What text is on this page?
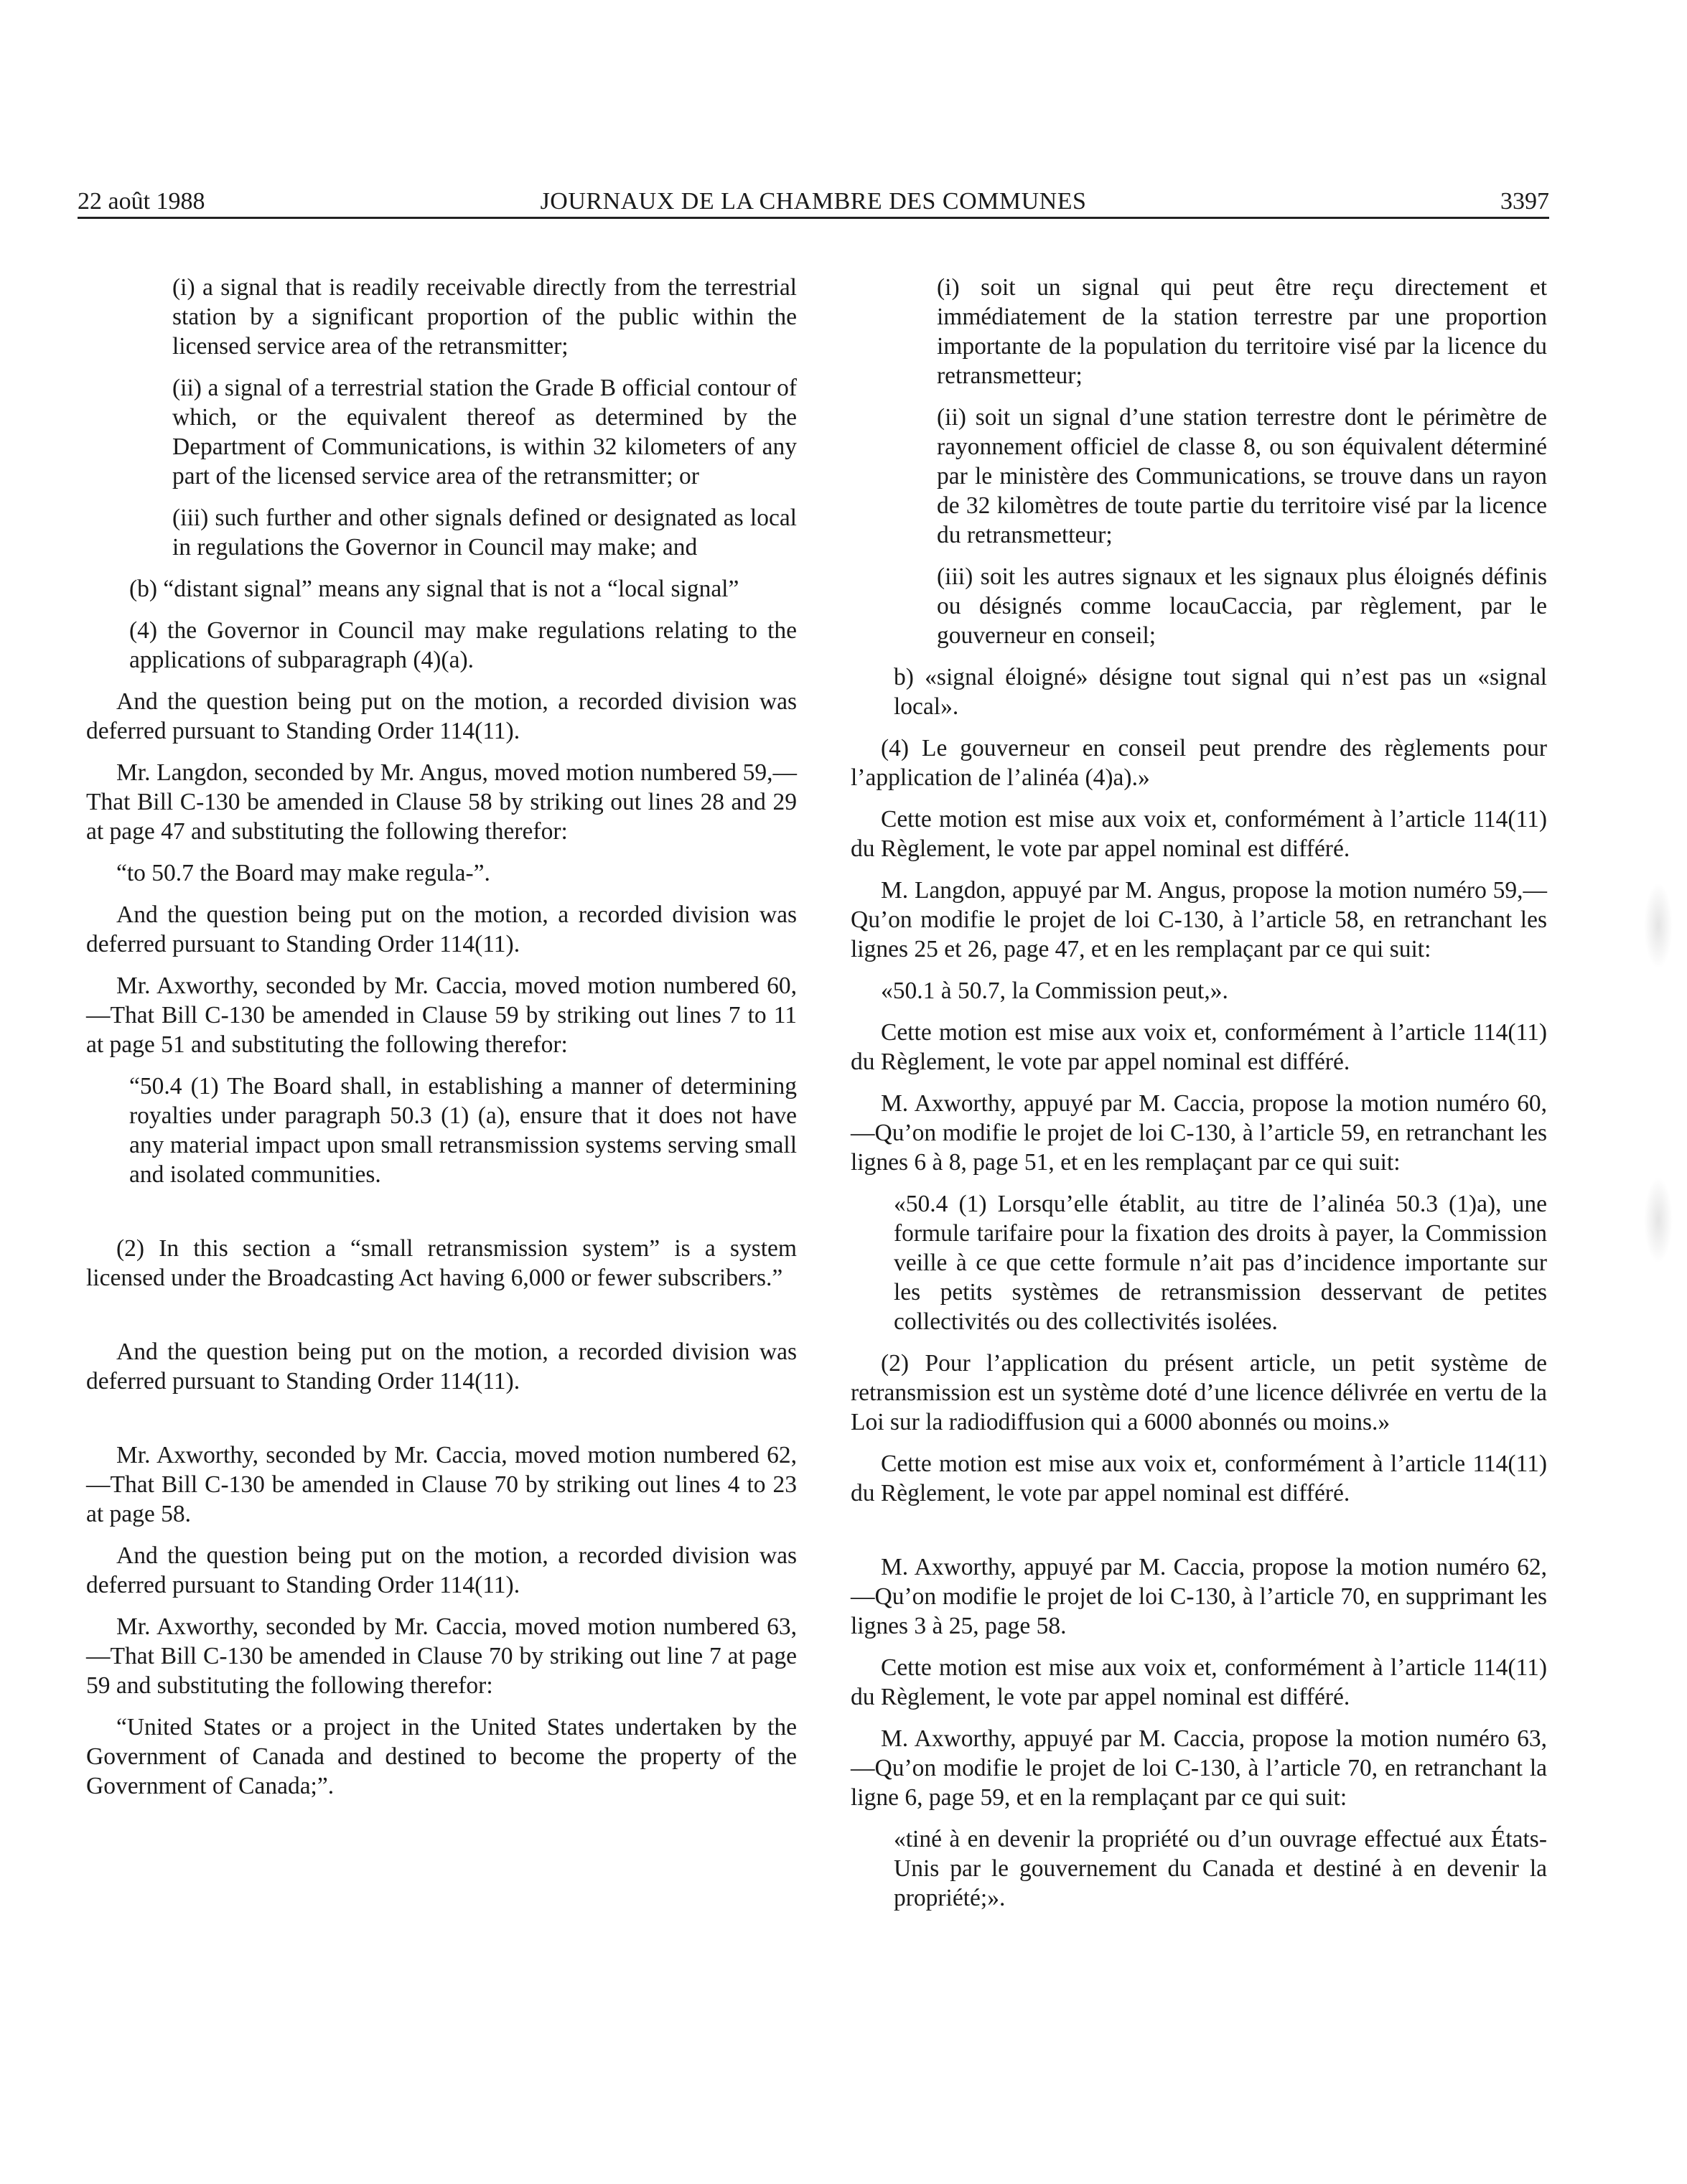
22 août 1988	JOURNAUX DE LA CHAMBRE DES COMMUNES	3397

(i) a signal that is readily receivable directly from the terrestrial station by a significant proportion of the public within the licensed service area of the retransmitter;

(ii) a signal of a terrestrial station the Grade B official contour of which, or the equivalent thereof as determined by the Department of Communications, is within 32 kilometers of any part of the licensed service area of the retransmitter; or

(iii) such further and other signals defined or designated as local in regulations the Governor in Council may make; and

(b) “distant signal” means any signal that is not a “local signal”

(4) the Governor in Council may make regulations relating to the applications of subparagraph (4)(a).

And the question being put on the motion, a recorded division was deferred pursuant to Standing Order 114(11).

Mr. Langdon, seconded by Mr. Angus, moved motion numbered 59,—That Bill C-130 be amended in Clause 58 by striking out lines 28 and 29 at page 47 and substituting the following therefor:

“to 50.7 the Board may make regula-”.

And the question being put on the motion, a recorded division was deferred pursuant to Standing Order 114(11).

Mr. Axworthy, seconded by Mr. Caccia, moved motion numbered 60,—That Bill C-130 be amended in Clause 59 by striking out lines 7 to 11 at page 51 and substituting the following therefor:

“50.4 (1) The Board shall, in establishing a manner of determining royalties under paragraph 50.3 (1) (a), ensure that it does not have any material impact upon small retransmission systems serving small and isolated communities.

(2) In this section a “small retransmission system” is a system licensed under the Broadcasting Act having 6,000 or fewer subscribers.”

And the question being put on the motion, a recorded division was deferred pursuant to Standing Order 114(11).

Mr. Axworthy, seconded by Mr. Caccia, moved motion numbered 62,—That Bill C-130 be amended in Clause 70 by striking out lines 4 to 23 at page 58.

And the question being put on the motion, a recorded division was deferred pursuant to Standing Order 114(11).

Mr. Axworthy, seconded by Mr. Caccia, moved motion numbered 63,—That Bill C-130 be amended in Clause 70 by striking out line 7 at page 59 and substituting the following therefor:

“United States or a project in the United States undertaken by the Government of Canada and destined to become the property of the Government of Canada;”.

(i) soit un signal qui peut être reçu directement et immédiatement de la station terrestre par une proportion importante de la population du territoire visé par la licence du retransmetteur;

(ii) soit un signal d’une station terrestre dont le périmètre de rayonnement officiel de classe 8, ou son équivalent déterminé par le ministère des Communications, se trouve dans un rayon de 32 kilomètres de toute partie du territoire visé par la licence du retransmetteur;

(iii) soit les autres signaux et les signaux plus éloignés définis ou désignés comme locauCaccia, par règlement, par le gouverneur en conseil;

b) «signal éloigné» désigne tout signal qui n’est pas un «signal local».

(4) Le gouverneur en conseil peut prendre des règlements pour l’application de l’alinéa (4)a).»

Cette motion est mise aux voix et, conformément à l’article 114(11) du Règlement, le vote par appel nominal est différé.

M. Langdon, appuyé par M. Angus, propose la motion numéro 59,—Qu’on modifie le projet de loi C-130, à l’article 58, en retranchant les lignes 25 et 26, page 47, et en les remplaçant par ce qui suit:

«50.1 à 50.7, la Commission peut,».

Cette motion est mise aux voix et, conformément à l’article 114(11) du Règlement, le vote par appel nominal est différé.

M. Axworthy, appuyé par M. Caccia, propose la motion numéro 60,—Qu’on modifie le projet de loi C-130, à l’article 59, en retranchant les lignes 6 à 8, page 51, et en les remplaçant par ce qui suit:

«50.4 (1) Lorsqu’elle établit, au titre de l’alinéa 50.3 (1)a), une formule tarifaire pour la fixation des droits à payer, la Commission veille à ce que cette formule n’ait pas d’incidence importante sur les petits systèmes de retransmission desservant de petites collectivités ou des collectivités isolées.

(2) Pour l’application du présent article, un petit système de retransmission est un système doté d’une licence délivrée en vertu de la Loi sur la radiodiffusion qui a 6000 abonnés ou moins.»

Cette motion est mise aux voix et, conformément à l’article 114(11) du Règlement, le vote par appel nominal est différé.

M. Axworthy, appuyé par M. Caccia, propose la motion numéro 62,—Qu’on modifie le projet de loi C-130, à l’article 70, en supprimant les lignes 3 à 25, page 58.

Cette motion est mise aux voix et, conformément à l’article 114(11) du Règlement, le vote par appel nominal est différé.

M. Axworthy, appuyé par M. Caccia, propose la motion numéro 63,—Qu’on modifie le projet de loi C-130, à l’article 70, en retranchant la ligne 6, page 59, et en la remplaçant par ce qui suit:

«tiné à en devenir la propriété ou d’un ouvrage effectué aux États-Unis par le gouvernement du Canada et destiné à en devenir la propriété;».
